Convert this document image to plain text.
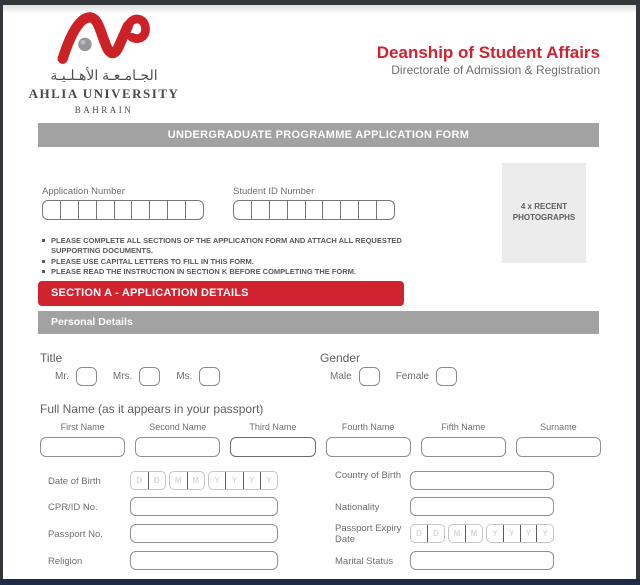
الجـامـعـة الأهـلـيـة
AHLIA UNIVERSITY
BAHRAIN
Deanship of Student Affairs
Directorate of Admission & Registration
UNDERGRADUATE PROGRAMME APPLICATION FORM
Application Number	Student ID Number
4 x RECENT PHOTOGRAPHS
PLEASE COMPLETE ALL SECTIONS OF THE APPLICATION FORM AND ATTACH ALL REQUESTED SUPPORTING DOCUMENTS.
PLEASE USE CAPITAL LETTERS TO FILL IN THIS FORM.
PLEASE READ THE INSTRUCTION IN SECTION K BEFORE COMPLETING THE FORM.
SECTION A - APPLICATION DETAILS
Personal Details
Title
Mr.	Mrs.	Ms.
Gender
Male	Female
Full Name (as it appears in your passport)
First Name	Second Name	Third Name	Fourth Name	Fifth Name	Surname
Date of Birth	D	D	M	M	Y	Y	Y	Y
CPR/ID No.
Passport No.
Religion
Country of Birth
Nationality
Passport Expiry Date
D	D	M	M	Y	Y	Y	Y
Marital Status
